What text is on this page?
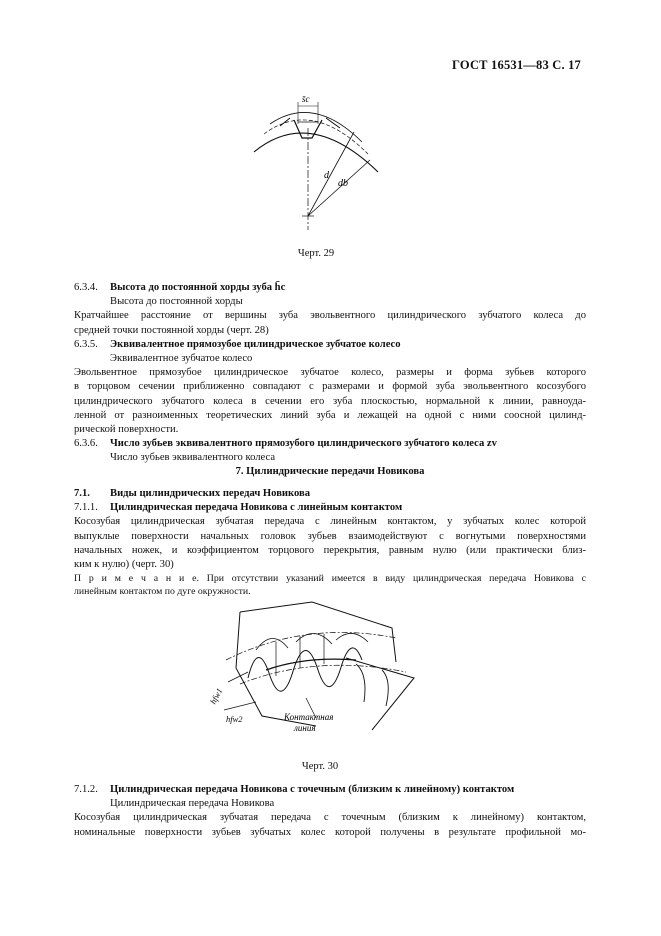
ГОСТ 16531—83 С. 17
s̄c
d
db
Черт. 29
6.3.4. Высота до постоянной хорды зуба h̄c
Высота до постоянной хорды
Кратчайшее расстояние от вершины зуба эвольвентного цилиндрического зубчатого колеса до
средней точки постоянной хорды (черт. 28)
6.3.5. Эквивалентное прямозубое цилиндрическое зубчатое колесо
Эквивалентное зубчатое колесо
Эвольвентное прямозубое цилиндрическое зубчатое колесо, размеры и форма зубьев которого
в торцовом сечении приближенно совпадают с размерами и формой зуба эвольвентного косозубого
цилиндрического зубчатого колеса в сечении его зуба плоскостью, нормальной к линии, равноуда-
ленной от разноименных теоретических линий зуба и лежащей на одной с ними соосной цилинд-
рической поверхности.
6.3.6. Число зубьев эквивалентного прямозубого цилиндрического зубчатого колеса zv
Число зубьев эквивалентного колеса
7. Цилиндрические передачи Новикова
7.1. Виды цилиндрических передач Новикова
7.1.1. Цилиндрическая передача Новикова с линейным контактом
Косозубая цилиндрическая зубчатая передача с линейным контактом, у зубчатых колес которой
выпуклые поверхности начальных головок зубьев взаимодействуют с вогнутыми поверхностями
начальных ножек, и коэффициентом торцового перекрытия, равным нулю (или практически близ-
ким к нулю) (черт. 30)
П р и м е ч а н и е. При отсутствии указаний имеется в виду цилиндрическая передача Новикова с
линейным контактом по дуге окружности.
hfw1
hfw2	Контактная
линия
Черт. 30
7.1.2. Цилиндрическая передача Новикова с точечным (близким к линейному) контактом
Цилиндрическая передача Новикова
Косозубая цилиндрическая зубчатая передача с точечным (близким к линейному) контактом,
номинальные поверхности зубьев зубчатых колес которой получены в результате профильной мо-
